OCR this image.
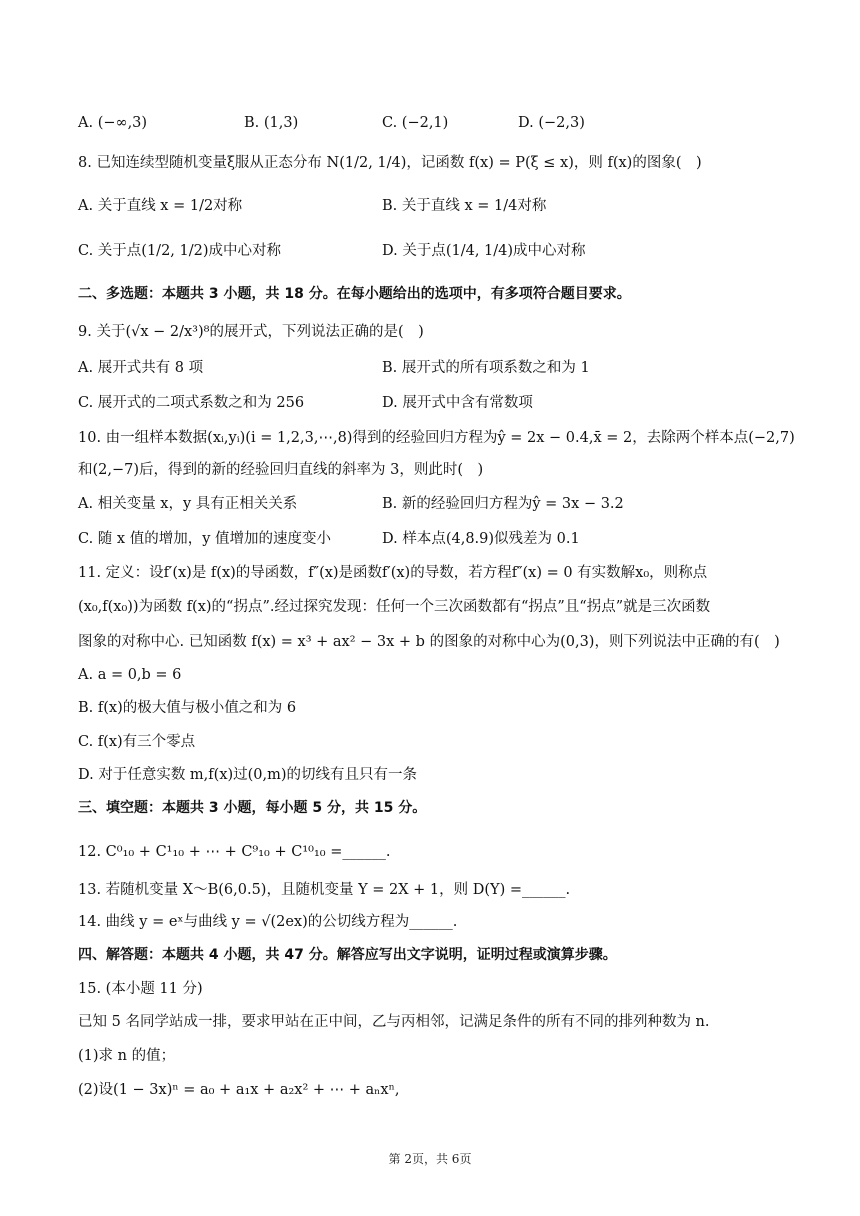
A. (−∞,3)	B. (1,3)	C. (−2,1)	D. (−2,3)
8. 已知连续型随机变量ξ服从正态分布 N(1/2, 1/4)，记函数 f(x) = P(ξ ≤ x)，则 f(x)的图象(　)
A. 关于直线 x = 1/2对称	B. 关于直线 x = 1/4对称
C. 关于点(1/2, 1/2)成中心对称	D. 关于点(1/4, 1/4)成中心对称
二、多选题：本题共 3 小题，共 18 分。在每小题给出的选项中，有多项符合题目要求。
9. 关于(√x − 2/x³)⁸的展开式，下列说法正确的是(　)
A. 展开式共有 8 项	B. 展开式的所有项系数之和为 1
C. 展开式的二项式系数之和为 256	D. 展开式中含有常数项
10. 由一组样本数据(xᵢ,yᵢ)(i = 1,2,3,⋯,8)得到的经验回归方程为ŷ = 2x − 0.4,x̄ = 2，去除两个样本点(−2,7)
和(2,−7)后，得到的新的经验回归直线的斜率为 3，则此时(　)
A. 相关变量 x，y 具有正相关关系	B. 新的经验回归方程为ŷ = 3x − 3.2
C. 随 x 值的增加，y 值增加的速度变小	D. 样本点(4,8.9)似残差为 0.1
11. 定义：设f′(x)是 f(x)的导函数，f″(x)是函数f′(x)的导数，若方程f″(x) = 0 有实数解x₀，则称点
(x₀,f(x₀))为函数 f(x)的“拐点”.经过探究发现：任何一个三次函数都有“拐点”且“拐点”就是三次函数
图象的对称中心. 已知函数 f(x) = x³ + ax² − 3x + b 的图象的对称中心为(0,3)，则下列说法中正确的有(　)
A. a = 0,b = 6
B. f(x)的极大值与极小值之和为 6
C. f(x)有三个零点
D. 对于任意实数 m,f(x)过(0,m)的切线有且只有一条
三、填空题：本题共 3 小题，每小题 5 分，共 15 分。
12. C⁰₁₀ + C¹₁₀ + ⋯ + C⁹₁₀ + C¹⁰₁₀ =______.
13. 若随机变量 X～B(6,0.5)，且随机变量 Y = 2X + 1，则 D(Y) =______.
14. 曲线 y = eˣ与曲线 y = √(2ex)的公切线方程为______.
四、解答题：本题共 4 小题，共 47 分。解答应写出文字说明，证明过程或演算步骤。
15. (本小题 11 分)
已知 5 名同学站成一排，要求甲站在正中间，乙与丙相邻，记满足条件的所有不同的排列种数为 n.
(1)求 n 的值；
(2)设(1 − 3x)ⁿ = a₀ + a₁x + a₂x² + ⋯ + aₙxⁿ,
第 2页，共 6页
